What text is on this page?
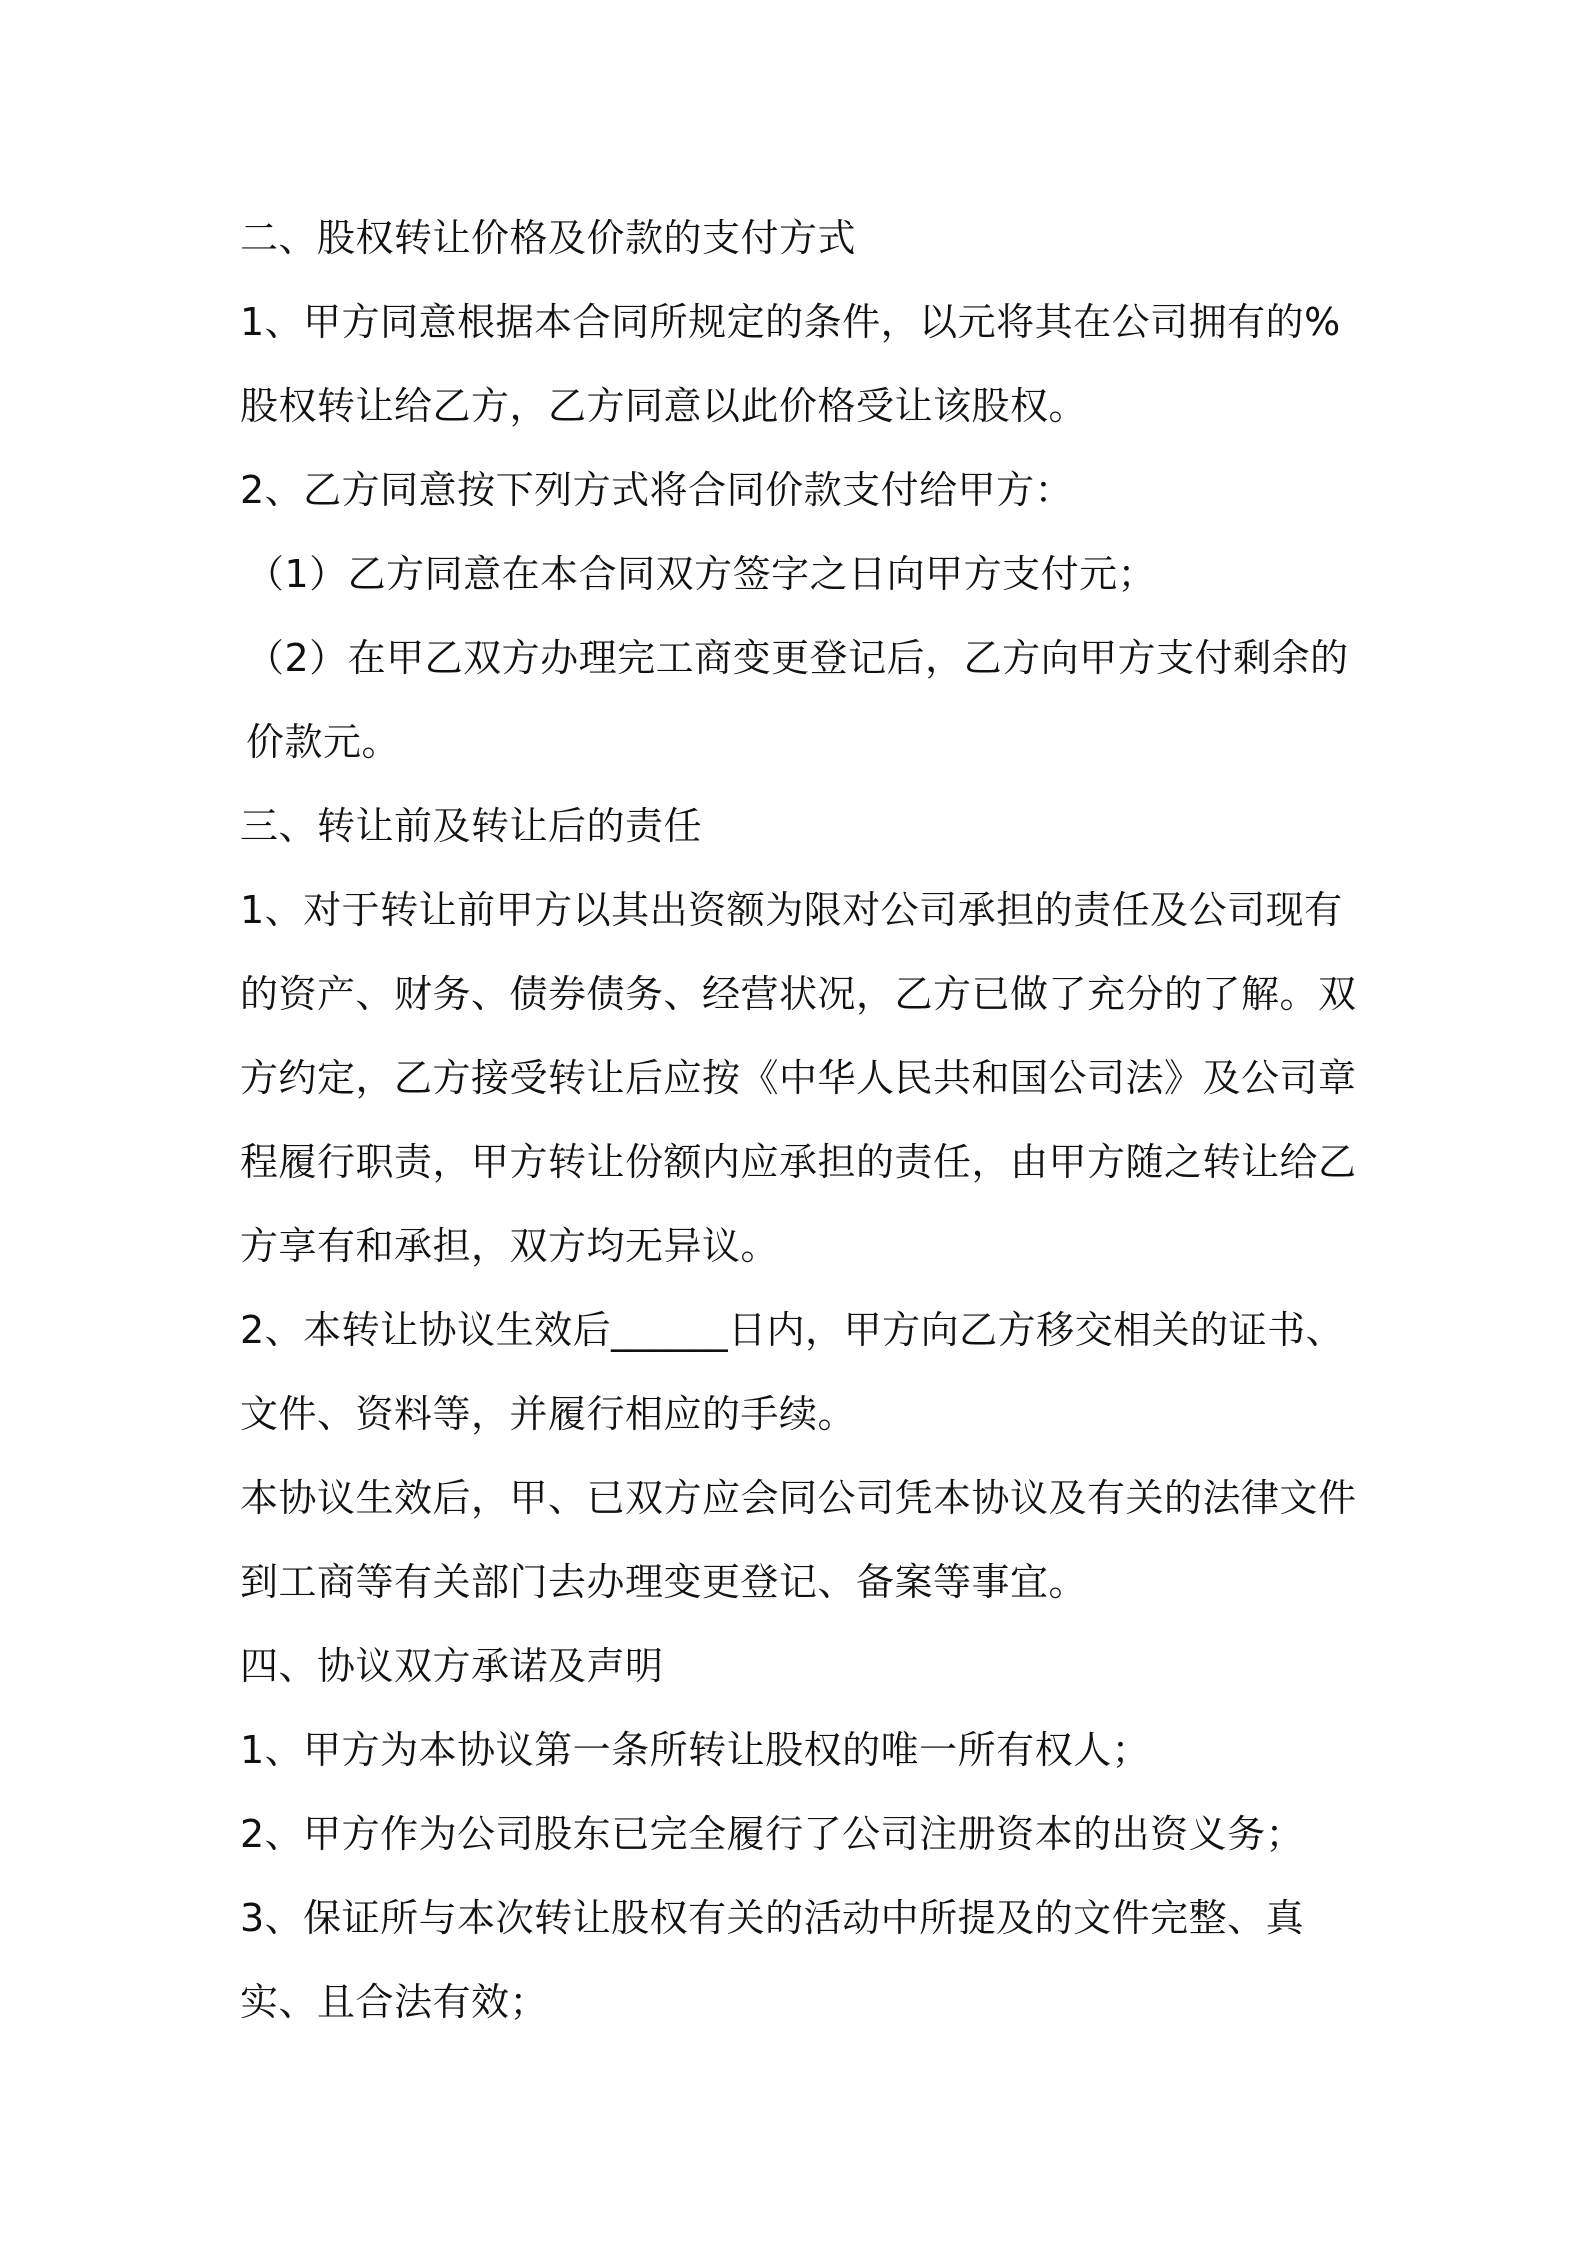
二、股权转让价格及价款的支付方式

1、甲方同意根据本合同所规定的条件，以元将其在公司拥有的%股权转让给乙方，乙方同意以此价格受让该股权。

2、乙方同意按下列方式将合同价款支付给甲方：

（1）乙方同意在本合同双方签字之日向甲方支付元；

（2）在甲乙双方办理完工商变更登记后，乙方向甲方支付剩余的价款元。

三、转让前及转让后的责任

1、对于转让前甲方以其出资额为限对公司承担的责任及公司现有的资产、财务、债券债务、经营状况，乙方已做了充分的了解。双方约定，乙方接受转让后应按《中华人民共和国公司法》及公司章程履行职责，甲方转让份额内应承担的责任，由甲方随之转让给乙方享有和承担，双方均无异议。

2、本转让协议生效后______日内，甲方向乙方移交相关的证书、文件、资料等，并履行相应的手续。

本协议生效后，甲、已双方应会同公司凭本协议及有关的法律文件到工商等有关部门去办理变更登记、备案等事宜。

四、协议双方承诺及声明

1、甲方为本协议第一条所转让股权的唯一所有权人；

2、甲方作为公司股东已完全履行了公司注册资本的出资义务；

3、保证所与本次转让股权有关的活动中所提及的文件完整、真实、且合法有效；
